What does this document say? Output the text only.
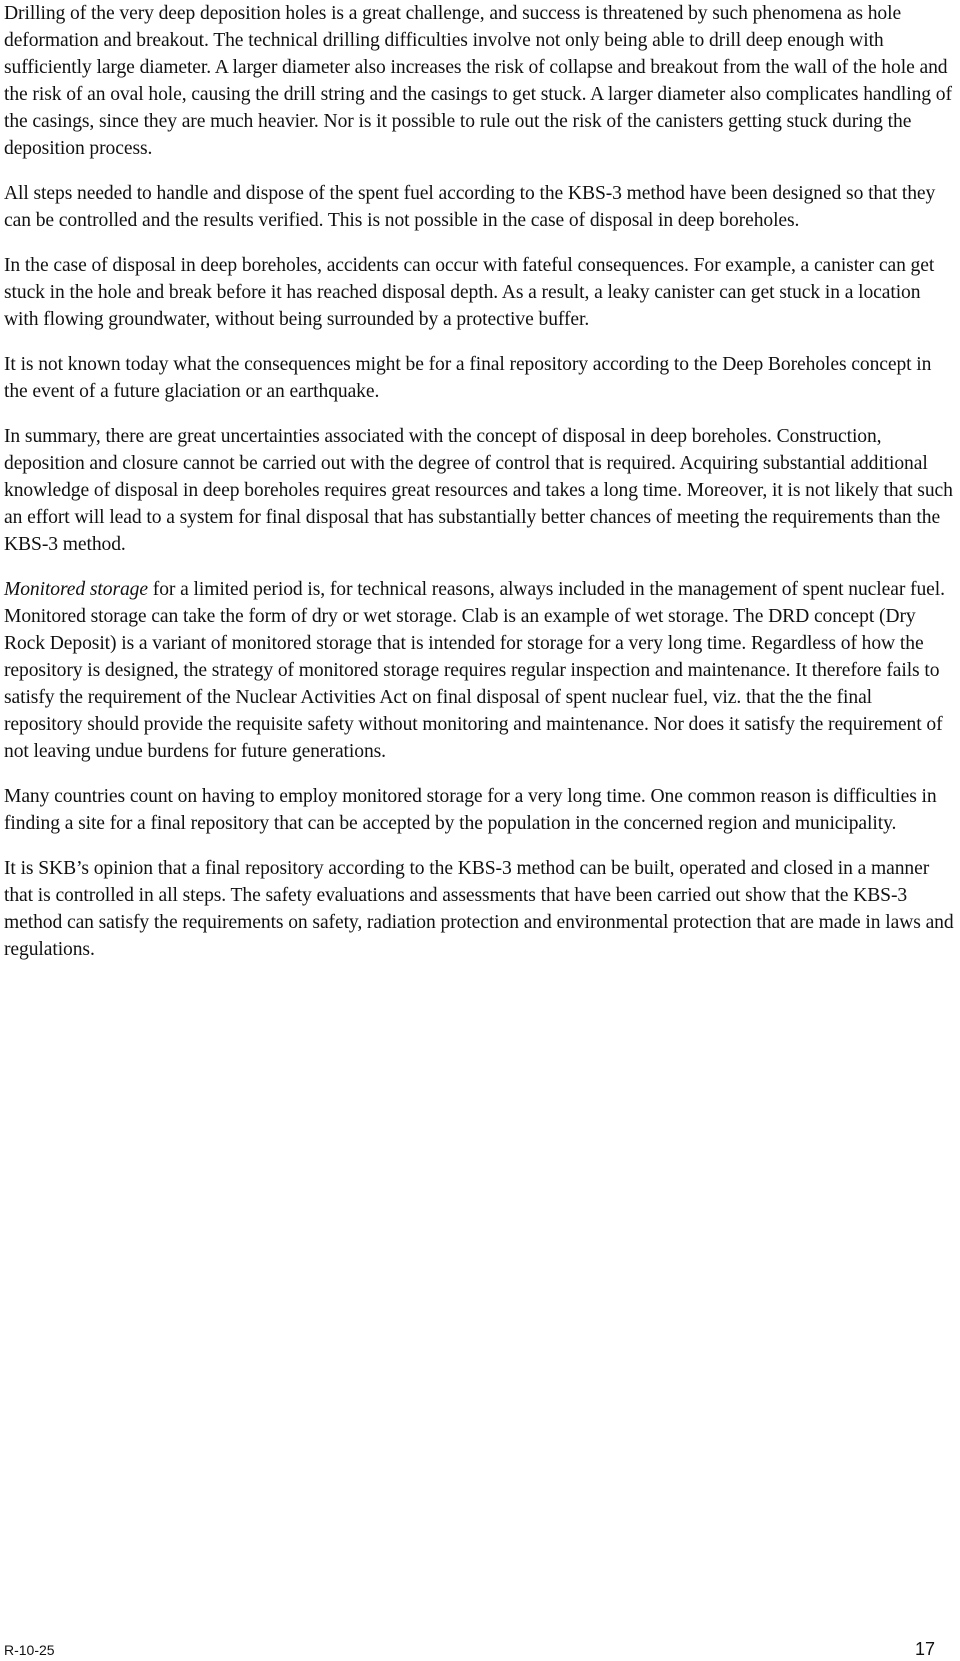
Drilling of the very deep deposition holes is a great challenge, and success is threatened by such phenomena as hole deformation and breakout. The technical drilling difficulties involve not only being able to drill deep enough with sufficiently large diameter. A larger diameter also increases the risk of collapse and breakout from the wall of the hole and the risk of an oval hole, causing the drill string and the casings to get stuck. A larger diameter also complicates handling of the casings, since they are much heavier. Nor is it possible to rule out the risk of the canisters getting stuck during the deposition process.

All steps needed to handle and dispose of the spent fuel according to the KBS-3 method have been designed so that they can be controlled and the results verified. This is not possible in the case of disposal in deep boreholes.

In the case of disposal in deep boreholes, accidents can occur with fateful consequences. For example, a canister can get stuck in the hole and break before it has reached disposal depth. As a result, a leaky canister can get stuck in a location with flowing groundwater, without being surrounded by a protective buffer.

It is not known today what the consequences might be for a final repository according to the Deep Boreholes concept in the event of a future glaciation or an earthquake.

In summary, there are great uncertainties associated with the concept of disposal in deep boreholes. Construction, deposition and closure cannot be carried out with the degree of control that is required. Acquiring substantial additional knowledge of disposal in deep boreholes requires great resources and takes a long time. Moreover, it is not likely that such an effort will lead to a system for final disposal that has substantially better chances of meeting the requirements than the KBS-3 method.

Monitored storage for a limited period is, for technical reasons, always included in the management of spent nuclear fuel. Monitored storage can take the form of dry or wet storage. Clab is an example of wet storage. The DRD concept (Dry Rock Deposit) is a variant of monitored storage that is intended for storage for a very long time. Regardless of how the repository is designed, the strategy of monitored storage requires regular inspection and maintenance. It therefore fails to satisfy the requirement of the Nuclear Activities Act on final disposal of spent nuclear fuel, viz. that the the final repository should provide the requisite safety without monitoring and maintenance. Nor does it satisfy the requirement of not leaving undue burdens for future generations.

Many countries count on having to employ monitored storage for a very long time. One common reason is difficulties in finding a site for a final repository that can be accepted by the population in the concerned region and municipality.

It is SKB’s opinion that a final repository according to the KBS-3 method can be built, operated and closed in a manner that is controlled in all steps. The safety evaluations and assessments that have been carried out show that the KBS-3 method can satisfy the requirements on safety, radiation protection and environmental protection that are made in laws and regulations.

R-10-25	17
